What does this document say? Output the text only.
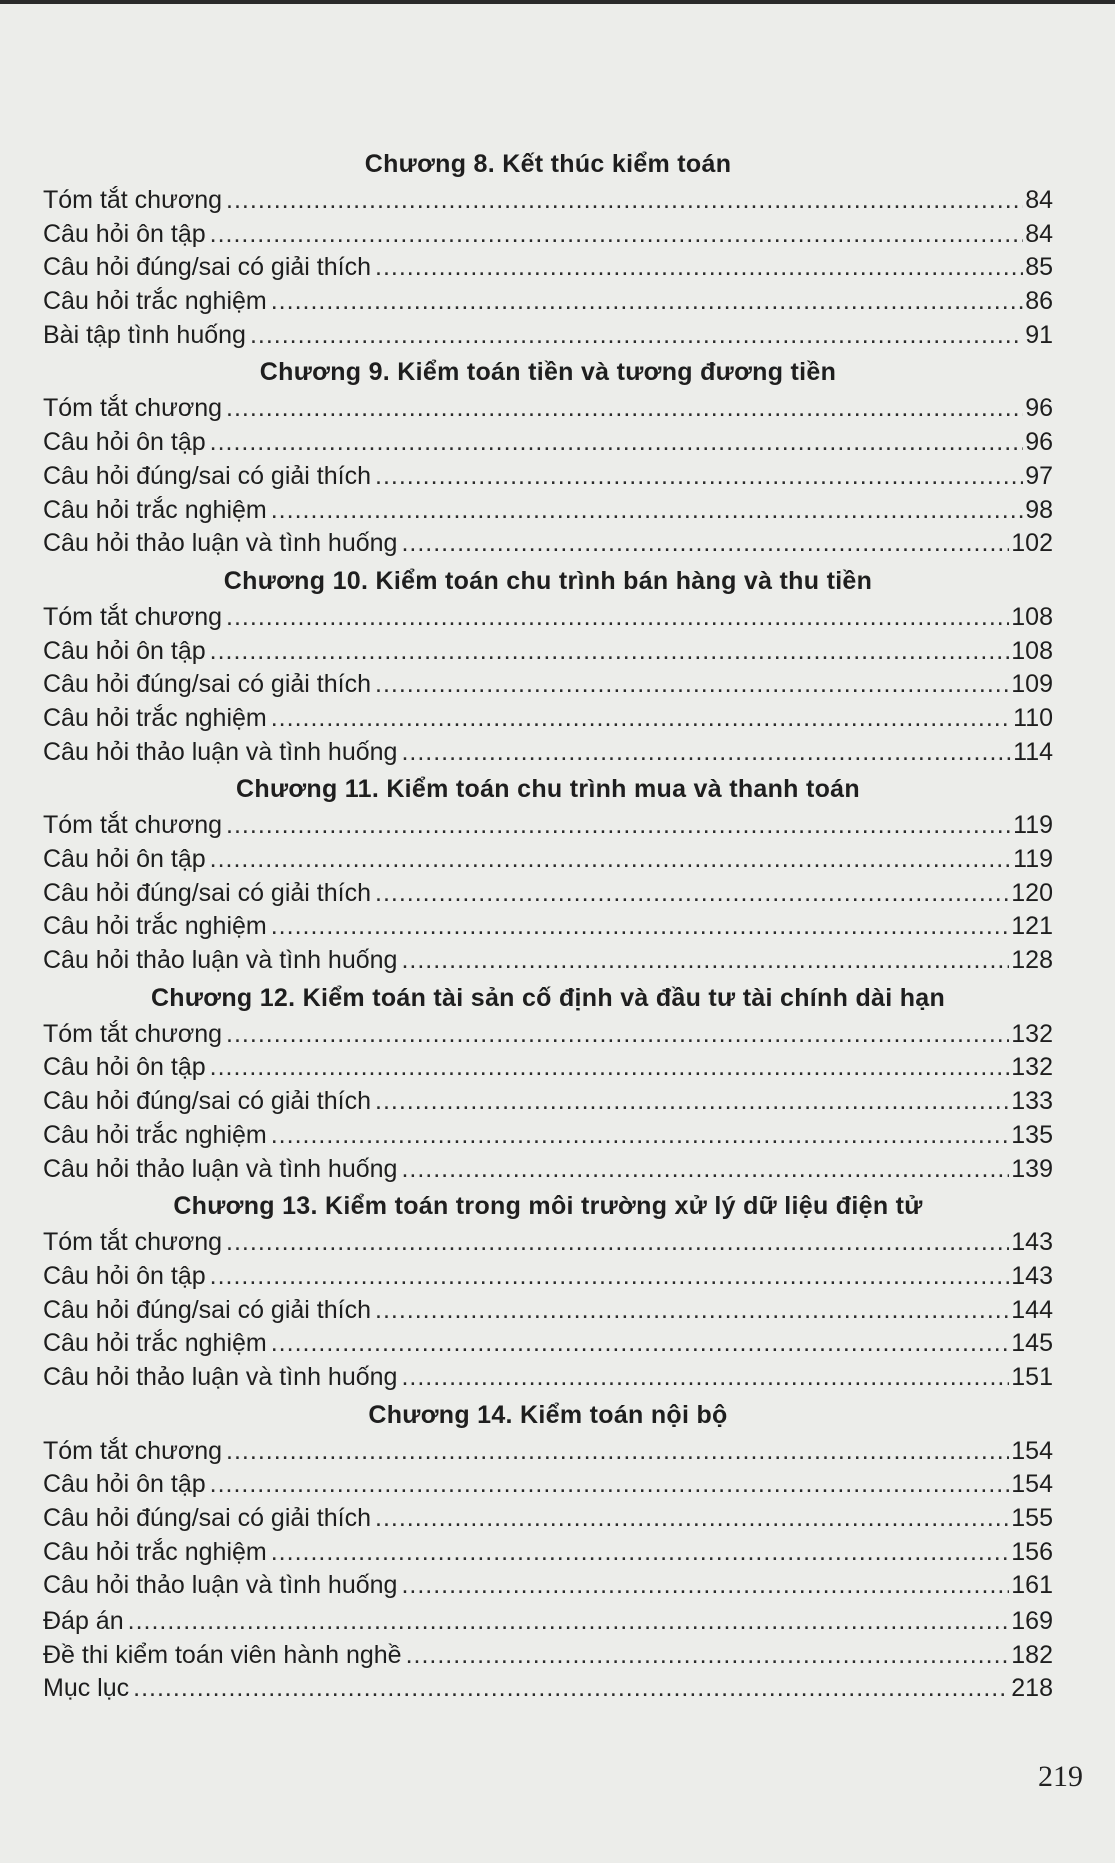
Chương 8. Kết thúc kiểm toán
Tóm tắt chương .....	84
Câu hỏi ôn tập .....	84
Câu hỏi đúng/sai có giải thích .....	85
Câu hỏi trắc nghiệm .....	86
Bài tập tình huống .....	91
Chương 9. Kiểm toán tiền và tương đương tiền
Tóm tắt chương .....	96
Câu hỏi ôn tập .....	96
Câu hỏi đúng/sai có giải thích .....	97
Câu hỏi trắc nghiệm .....	98
Câu hỏi thảo luận và tình huống .....	102
Chương 10. Kiểm toán chu trình bán hàng và thu tiền
Tóm tắt chương .....	108
Câu hỏi ôn tập .....	108
Câu hỏi đúng/sai có giải thích .....	109
Câu hỏi trắc nghiệm .....	110
Câu hỏi thảo luận và tình huống .....	114
Chương 11. Kiểm toán chu trình mua và thanh toán
Tóm tắt chương .....	119
Câu hỏi ôn tập .....	119
Câu hỏi đúng/sai có giải thích .....	120
Câu hỏi trắc nghiệm .....	121
Câu hỏi thảo luận và tình huống .....	128
Chương 12. Kiểm toán tài sản cố định và đầu tư tài chính dài hạn
Tóm tắt chương .....	132
Câu hỏi ôn tập .....	132
Câu hỏi đúng/sai có giải thích .....	133
Câu hỏi trắc nghiệm .....	135
Câu hỏi thảo luận và tình huống .....	139
Chương 13. Kiểm toán trong môi trường xử lý dữ liệu điện tử
Tóm tắt chương .....	143
Câu hỏi ôn tập .....	143
Câu hỏi đúng/sai có giải thích .....	144
Câu hỏi trắc nghiệm .....	145
Câu hỏi thảo luận và tình huống .....	151
Chương 14. Kiểm toán nội bộ
Tóm tắt chương .....	154
Câu hỏi ôn tập .....	154
Câu hỏi đúng/sai có giải thích .....	155
Câu hỏi trắc nghiệm .....	156
Câu hỏi thảo luận và tình huống .....	161
Đáp án .....	169
Đề thi kiểm toán viên hành nghề .....	182
Mục lục .....	218
219
